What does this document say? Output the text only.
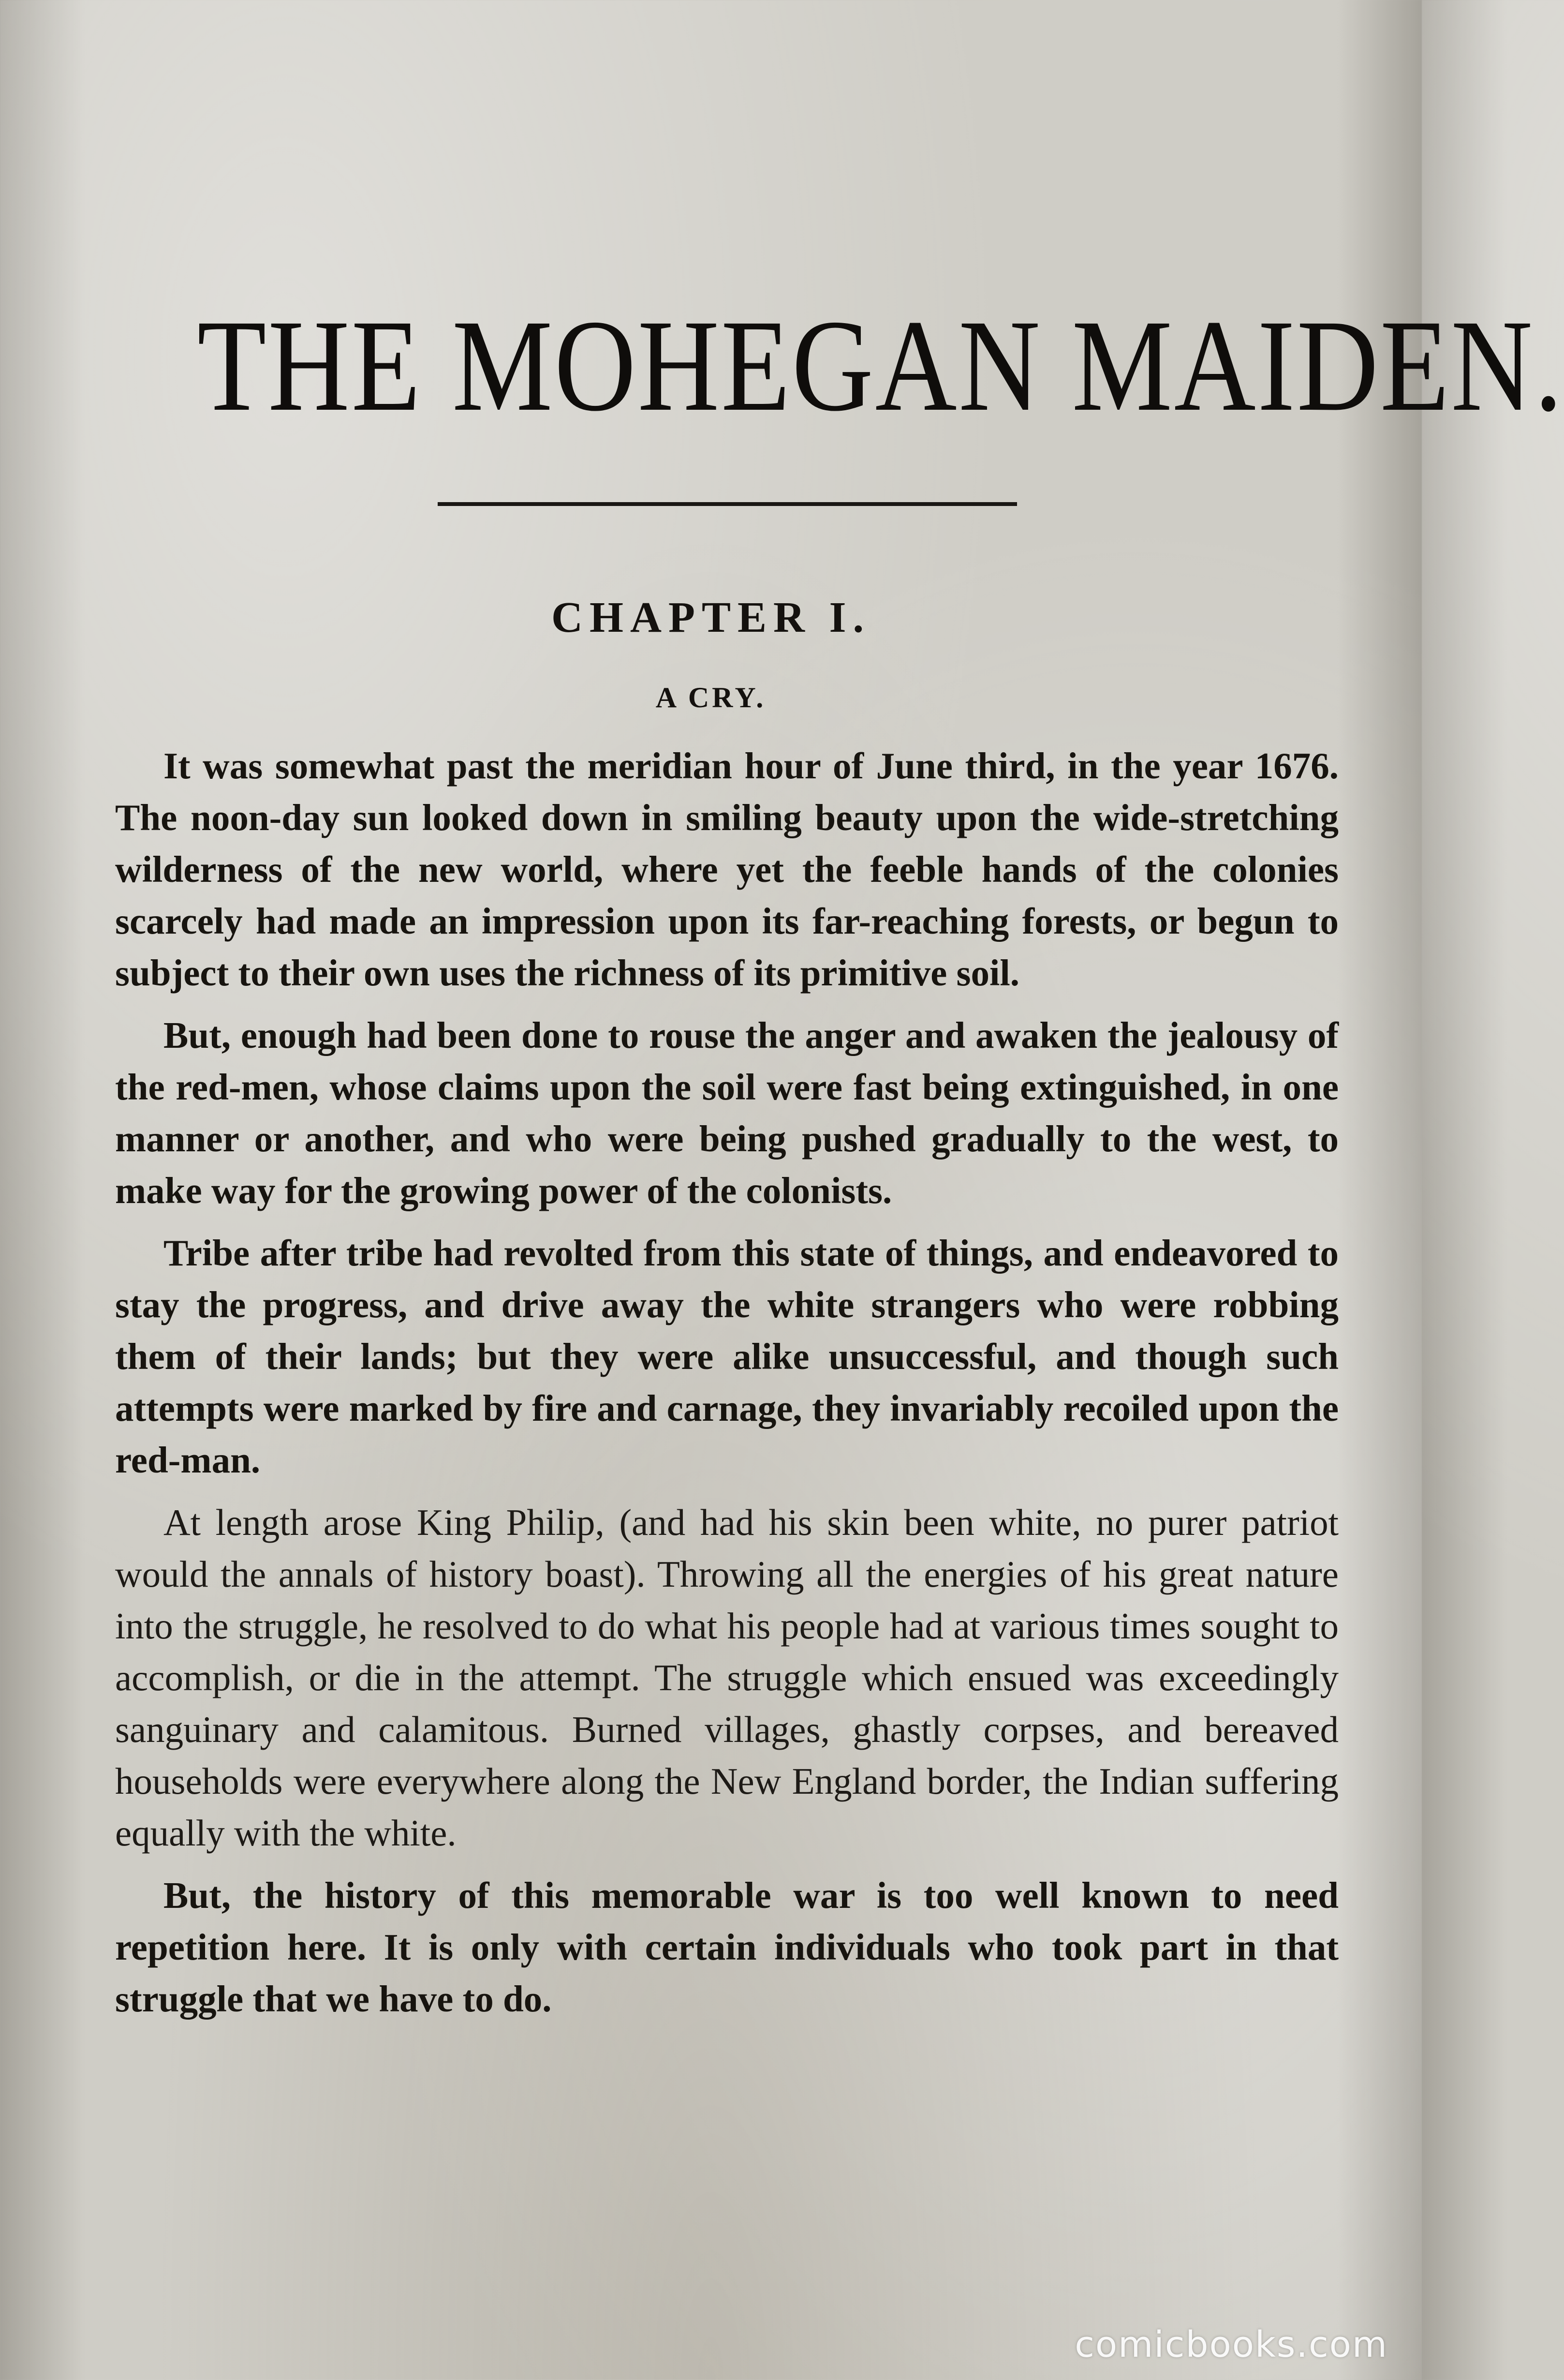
THE MOHEGAN MAIDEN.
CHAPTER I.
A CRY.

It was somewhat past the meridian hour of June third, in the year 1676. The noon-day sun looked down in smiling beauty upon the wide-stretching wilderness of the new world, where yet the feeble hands of the colonies scarcely had made an impression upon its far-reaching forests, or begun to subject to their own uses the richness of its primitive soil.

But, enough had been done to rouse the anger and awaken the jealousy of the red-men, whose claims upon the soil were fast being extinguished, in one manner or another, and who were being pushed gradually to the west, to make way for the growing power of the colonists.

Tribe after tribe had revolted from this state of things, and endeavored to stay the progress, and drive away the white strangers who were robbing them of their lands; but they were alike unsuccessful, and though such attempts were marked by fire and carnage, they invariably recoiled upon the red-man.

At length arose King Philip, (and had his skin been white, no purer patriot would the annals of history boast). Throwing all the energies of his great nature into the struggle, he resolved to do what his people had at various times sought to accomplish, or die in the attempt. The struggle which ensued was exceedingly sanguinary and calamitous. Burned villages, ghastly corpses, and bereaved households were everywhere along the New England border, the Indian suffering equally with the white.

But, the history of this memorable war is too well known to need repetition here. It is only with certain individuals who took part in that struggle that we have to do.

comicbooks.com
